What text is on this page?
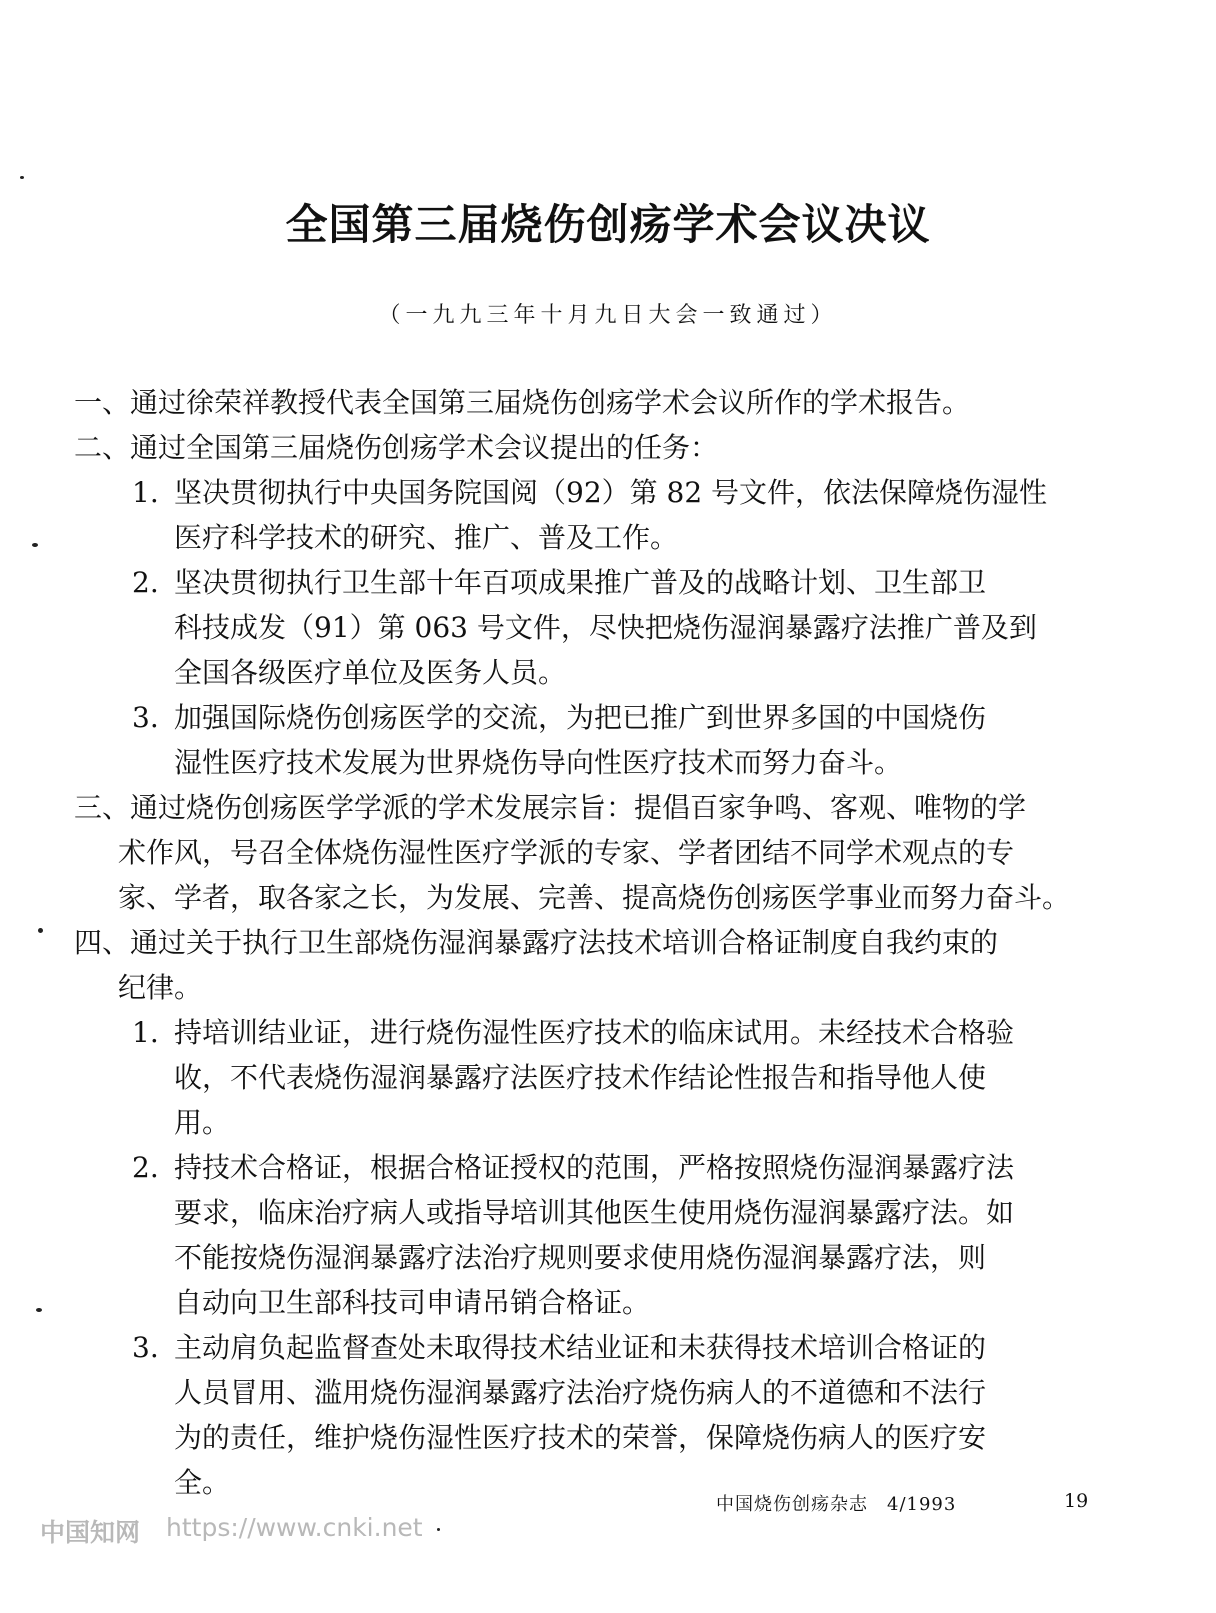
全国第三届烧伤创疡学术会议决议
（一九九三年十月九日大会一致通过）
一、通过徐荣祥教授代表全国第三届烧伤创疡学术会议所作的学术报告。
二、通过全国第三届烧伤创疡学术会议提出的任务：
1. 坚决贯彻执行中央国务院国阅（92）第 82 号文件，依法保障烧伤湿性
医疗科学技术的研究、推广、普及工作。
2. 坚决贯彻执行卫生部十年百项成果推广普及的战略计划、卫生部卫
科技成发（91）第 063 号文件，尽快把烧伤湿润暴露疗法推广普及到
全国各级医疗单位及医务人员。
3. 加强国际烧伤创疡医学的交流，为把已推广到世界多国的中国烧伤
湿性医疗技术发展为世界烧伤导向性医疗技术而努力奋斗。
三、通过烧伤创疡医学学派的学术发展宗旨：提倡百家争鸣、客观、唯物的学
术作风，号召全体烧伤湿性医疗学派的专家、学者团结不同学术观点的专
家、学者，取各家之长，为发展、完善、提高烧伤创疡医学事业而努力奋斗。
四、通过关于执行卫生部烧伤湿润暴露疗法技术培训合格证制度自我约束的
纪律。
1. 持培训结业证，进行烧伤湿性医疗技术的临床试用。未经技术合格验
收，不代表烧伤湿润暴露疗法医疗技术作结论性报告和指导他人使
用。
2. 持技术合格证，根据合格证授权的范围，严格按照烧伤湿润暴露疗法
要求，临床治疗病人或指导培训其他医生使用烧伤湿润暴露疗法。如
不能按烧伤湿润暴露疗法治疗规则要求使用烧伤湿润暴露疗法，则
自动向卫生部科技司申请吊销合格证。
3. 主动肩负起监督查处未取得技术结业证和未获得技术培训合格证的
人员冒用、滥用烧伤湿润暴露疗法治疗烧伤病人的不道德和不法行
为的责任，维护烧伤湿性医疗技术的荣誉，保障烧伤病人的医疗安
全。
中国烧伤创疡杂志　4/1993	19
中国知网 https://www.cnki.net
